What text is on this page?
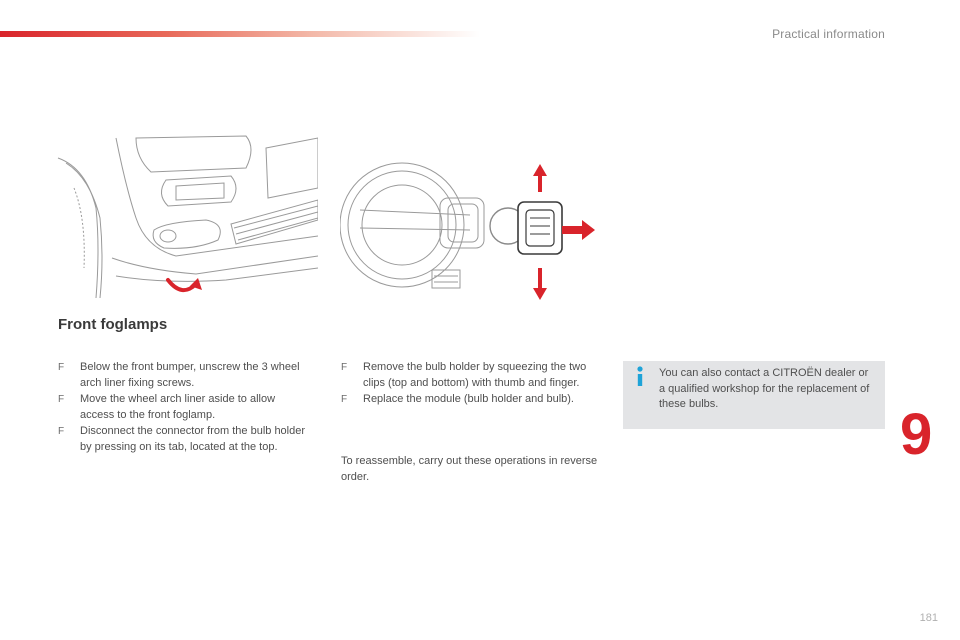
Practical information
Front foglamps
F Below the front bumper, unscrew the 3 wheel arch liner fixing screws.
F Move the wheel arch liner aside to allow access to the front foglamp.
F Disconnect the connector from the bulb holder by pressing on its tab, located at the top.
F Remove the bulb holder by squeezing the two clips (top and bottom) with thumb and finger.
F Replace the module (bulb holder and bulb).
To reassemble, carry out these operations in reverse order.
You can also contact a CITROËN dealer or a qualified workshop for the replacement of these bulbs.	9
181
